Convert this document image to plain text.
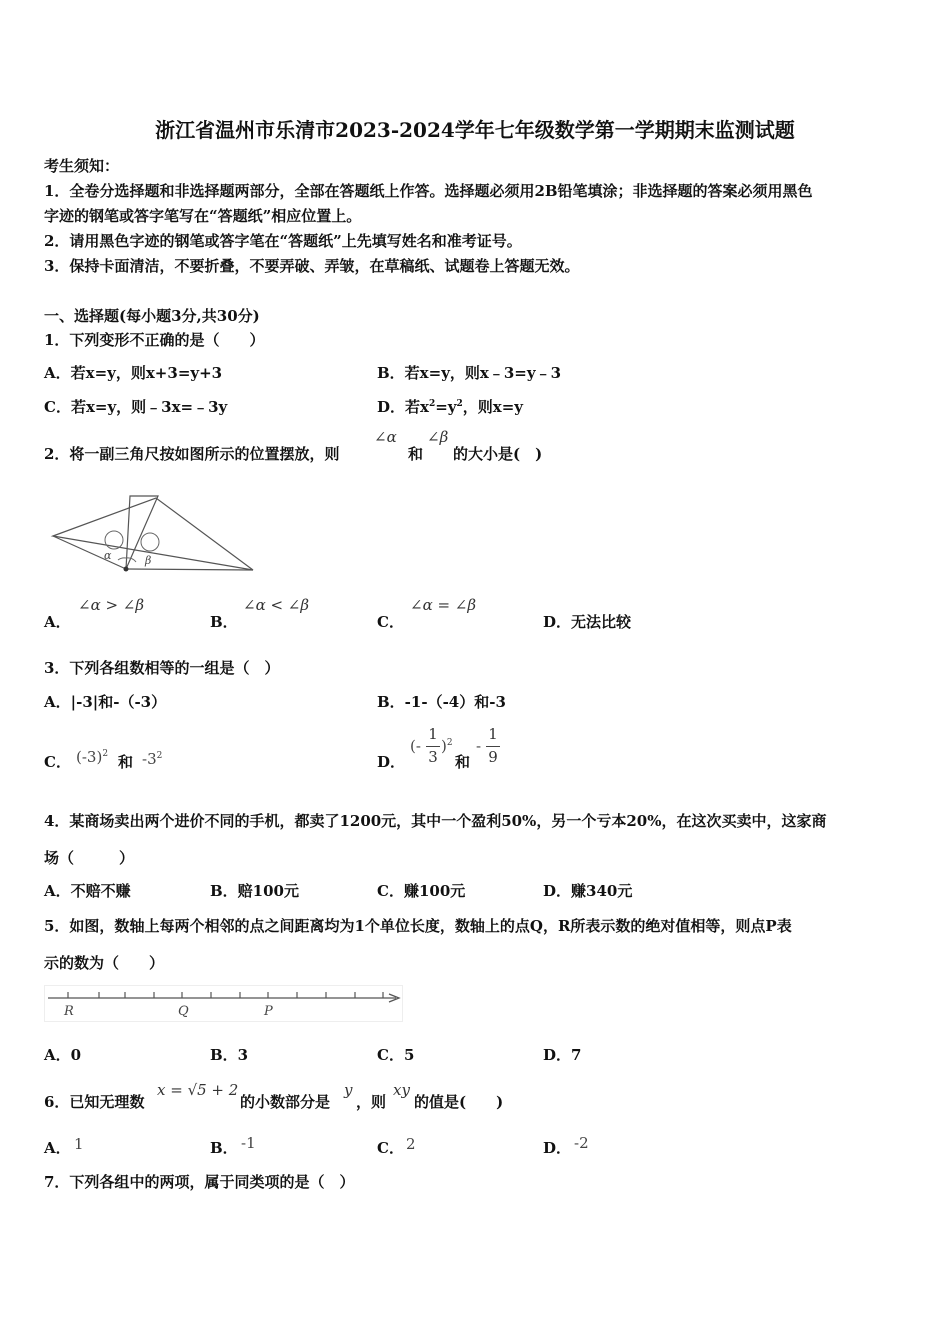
浙江省温州市乐清市2023-2024学年七年级数学第一学期期末监测试题
考生须知：
1．全卷分选择题和非选择题两部分，全部在答题纸上作答。选择题必须用2B铅笔填涂；非选择题的答案必须用黑色
字迹的钢笔或答字笔写在“答题纸”相应位置上。
2．请用黑色字迹的钢笔或答字笔在“答题纸”上先填写姓名和准考证号。
3．保持卡面清洁，不要折叠，不要弄破、弄皱，在草稿纸、试题卷上答题无效。
一、选择题(每小题3分,共30分)
1．下列变形不正确的是（　　）
A．若x=y，则x+3=y+3	B．若x=y，则x﹣3=y﹣3
C．若x=y，则﹣3x=﹣3y	D．若$x^2=y^2$，则x=y
2．将一副三角尺按如图所示的位置摆放，则
∠α
和
∠β
的大小是(　)
α	β
A．
∠α > ∠β
B．
∠α < ∠β
C．
∠α = ∠β
D．无法比较
3．下列各组数相等的一组是（　）
A．|-3|和-（-3）	B．-1-（-4）和-3
C． $(-3)^2$ 和 $-3^2$	D．
(-
1
3
)$^2$
和
-
1
9
4．某商场卖出两个进价不同的手机，都卖了1200元，其中一个盈利50%，另一个亏本20%，在这次买卖中，这家商
场（　　　）
A．不赔不赚	B．赔100元	C．赚100元	D．赚340元
5．如图，数轴上每两个相邻的点之间距离均为1个单位长度，数轴上的点Q，R所表示数的绝对值相等，则点P表
示的数为（　　）
R	Q	P
A．0	B．3	C．5	D．7
6．已知无理数
x = √5 + 2
的小数部分是
y
，则
xy
的值是(　　)
A． 1	B． -1	C． 2	D． -2
7．下列各组中的两项，属于同类项的是（　）
